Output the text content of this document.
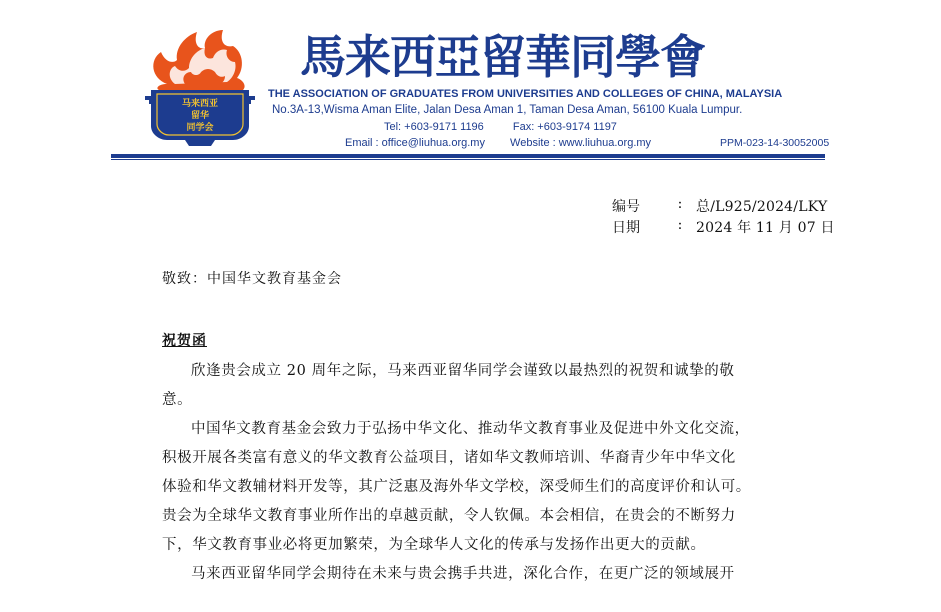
马来西亚
留华
同学会
馬来西亞留華同學會
THE ASSOCIATION OF GRADUATES FROM UNIVERSITIES AND COLLEGES OF CHINA, MALAYSIA
No.3A-13,Wisma Aman Elite, Jalan Desa Aman 1, Taman Desa Aman, 56100 Kuala Lumpur.
Tel: +603-9171 1196	Fax: +603-9174 1197
Email : office@liuhua.org.my Website : www.liuhua.org.my	PPM-023-14-30052005
编号	: 总/L925/2024/LKY
日期	: 2024 年 11 月 07 日
敬致：中国华文教育基金会
祝贺函
欣逢贵会成立 20 周年之际，马来西亚留华同学会谨致以最热烈的祝贺和诚挚的敬
意。
中国华文教育基金会致力于弘扬中华文化、推动华文教育事业及促进中外文化交流，
积极开展各类富有意义的华文教育公益项目，诸如华文教师培训、华裔青少年中华文化
体验和华文教辅材料开发等，其广泛惠及海外华文学校，深受师生们的高度评价和认可。
贵会为全球华文教育事业所作出的卓越贡献，令人钦佩。本会相信，在贵会的不断努力
下，华文教育事业必将更加繁荣，为全球华人文化的传承与发扬作出更大的贡献。
马来西亚留华同学会期待在未来与贵会携手共进，深化合作，在更广泛的领域展开
